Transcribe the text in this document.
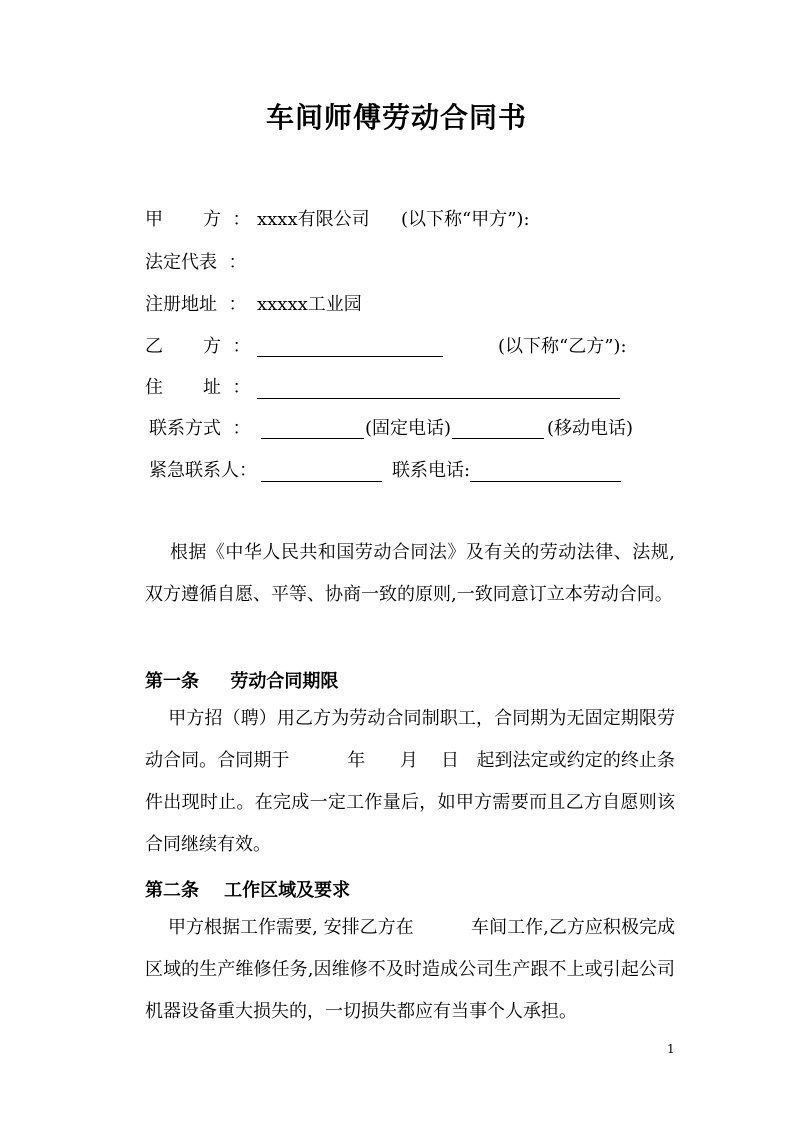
车间师傅劳动合同书
甲       方  ： xxxx有限公司 (以下称“甲方”):
法定代表  ：
注册地址  ： xxxxx工业园
乙       方  ：	(以下称“乙方”):
住       址  ：
联系方式  ：	(固定电话)	(移动电话)
紧急联系人：	联系电话:
根据《中华人民共和国劳动合同法》及有关的劳动法律、法规, 双方遵循自愿、平等、协商一致的原则,一致同意订立本劳动合同。
第一条     劳动合同期限
甲方招（聘）用乙方为劳动合同制职工，合同期为无固定期限劳动合同。合同期于          年      月    日   起到法定或约定的终止条件出现时止。在完成一定工作量后，如甲方需要而且乙方自愿则该合同继续有效。
第二条    工作区域及要求
甲方根据工作需要, 安排乙方在          车间工作,乙方应积极完成区域的生产维修任务,因维修不及时造成公司生产跟不上或引起公司机器设备重大损失的，一切损失都应有当事个人承担。
1
